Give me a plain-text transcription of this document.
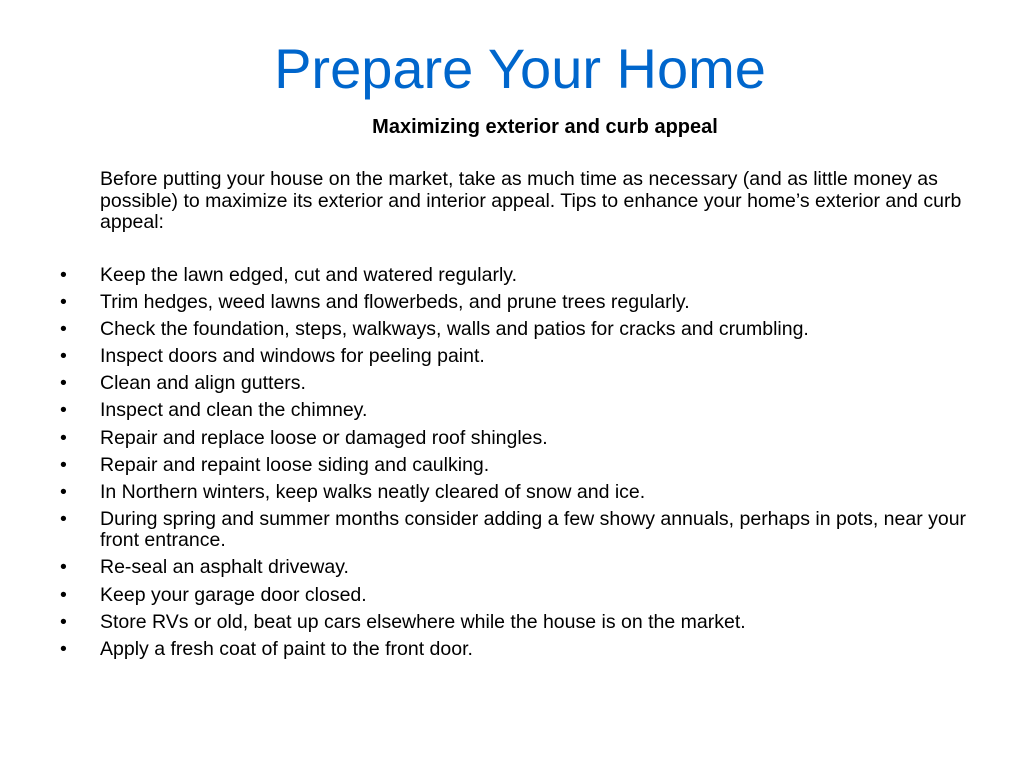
Prepare Your Home
Maximizing exterior and curb appeal

Before putting your house on the market, take as much time as necessary (and as little money as possible) to maximize its exterior and interior appeal. Tips to enhance your home’s exterior and curb appeal:

• Keep the lawn edged, cut and watered regularly.
• Trim hedges, weed lawns and flowerbeds, and prune trees regularly.
• Check the foundation, steps, walkways, walls and patios for cracks and crumbling.
• Inspect doors and windows for peeling paint.
• Clean and align gutters.
• Inspect and clean the chimney.
• Repair and replace loose or damaged roof shingles.
• Repair and repaint loose siding and caulking.
• In Northern winters, keep walks neatly cleared of snow and ice.
• During spring and summer months consider adding a few showy annuals, perhaps in pots, near your front entrance.
• Re-seal an asphalt driveway.
• Keep your garage door closed.
• Store RVs or old, beat up cars elsewhere while the house is on the market.
• Apply a fresh coat of paint to the front door.
